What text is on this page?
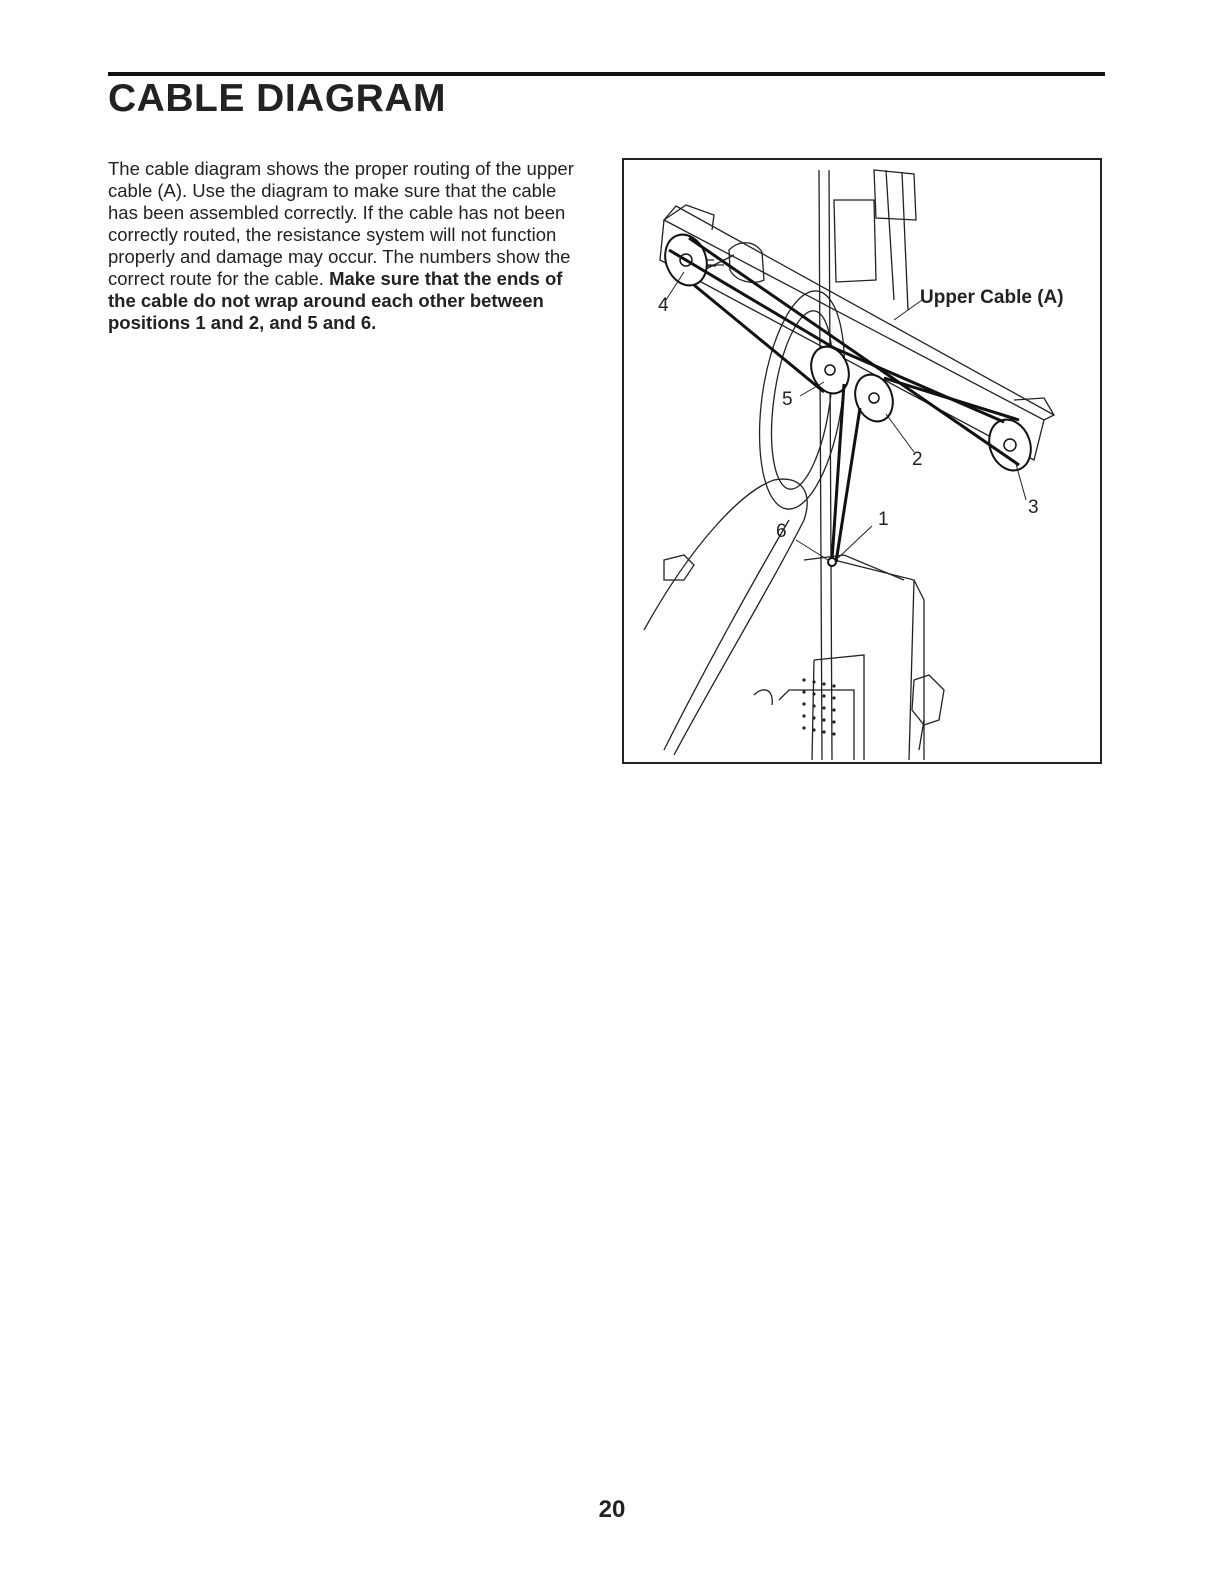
CABLE DIAGRAM

The cable diagram shows the proper routing of the upper cable (A). Use the diagram to make sure that the cable has been assembled correctly. If the cable has not been correctly routed, the resistance system will not function properly and damage may occur. The numbers show the correct route for the cable. Make sure that the ends of the cable do not wrap around each other between positions 1 and 2, and 5 and 6.

Upper Cable (A)
4
5
2
3
1
6
20
